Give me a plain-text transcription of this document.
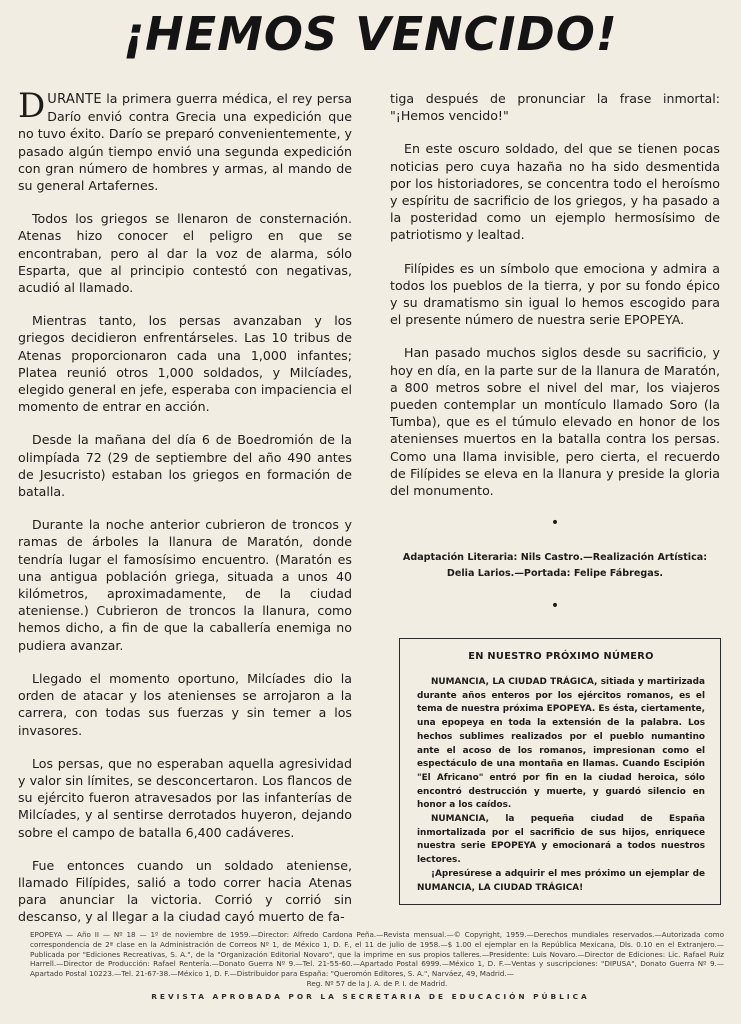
¡HEMOS VENCIDO!

DURANTE la primera guerra médica, el rey persa Darío envió contra Grecia una expedición que no tuvo éxito. Darío se preparó convenientemente, y pasado algún tiempo envió una segunda expedición con gran número de hombres y armas, al mando de su general Artafernes.

Todos los griegos se llenaron de consternación. Atenas hizo conocer el peligro en que se encontraban, pero al dar la voz de alarma, sólo Esparta, que al principio contestó con negativas, acudió al llamado.

Mientras tanto, los persas avanzaban y los griegos decidieron enfrentárseles. Las 10 tribus de Atenas proporcionaron cada una 1,000 infantes; Platea reunió otros 1,000 soldados, y Milcíades, elegido general en jefe, esperaba con impaciencia el momento de entrar en acción.

Desde la mañana del día 6 de Boedromión de la olimpíada 72 (29 de septiembre del año 490 antes de Jesucristo) estaban los griegos en formación de batalla.

Durante la noche anterior cubrieron de troncos y ramas de árboles la llanura de Maratón, donde tendría lugar el famosísimo encuentro. (Maratón es una antigua población griega, situada a unos 40 kilómetros, aproximadamente, de la ciudad ateniense.) Cubrieron de troncos la llanura, como hemos dicho, a fin de que la caballería enemiga no pudiera avanzar.

Llegado el momento oportuno, Milcíades dio la orden de atacar y los atenienses se arrojaron a la carrera, con todas sus fuerzas y sin temer a los invasores.

Los persas, que no esperaban aquella agresividad y valor sin límites, se desconcertaron. Los flancos de su ejército fueron atravesados por las infanterías de Milcíades, y al sentirse derrotados huyeron, dejando sobre el campo de batalla 6,400 cadáveres.

Fue entonces cuando un soldado ateniense, llamado Filípides, salió a todo correr hacia Atenas para anunciar la victoria. Corrió y corrió sin descanso, y al llegar a la ciudad cayó muerto de fa-

tiga después de pronunciar la frase inmortal: "¡Hemos vencido!"

En este oscuro soldado, del que se tienen pocas noticias pero cuya hazaña no ha sido desmentida por los historiadores, se concentra todo el heroísmo y espíritu de sacrificio de los griegos, y ha pasado a la posteridad como un ejemplo hermosísimo de patriotismo y lealtad.

Filípides es un símbolo que emociona y admira a todos los pueblos de la tierra, y por su fondo épico y su dramatismo sin igual lo hemos escogido para el presente número de nuestra serie EPOPEYA.

Han pasado muchos siglos desde su sacrificio, y hoy en día, en la parte sur de la llanura de Maratón, a 800 metros sobre el nivel del mar, los viajeros pueden contemplar un montículo llamado Soro (la Tumba), que es el túmulo elevado en honor de los atenienses muertos en la batalla contra los persas. Como una llama invisible, pero cierta, el recuerdo de Filípides se eleva en la llanura y preside la gloria del monumento.

•
Adaptación Literaria: Nils Castro.—Realización Artística:
Delia Larios.—Portada: Felipe Fábregas.
•
EN NUESTRO PRÓXIMO NÚMERO

NUMANCIA, LA CIUDAD TRÁGICA, sitiada y martirizada durante años enteros por los ejércitos romanos, es el tema de nuestra próxima EPOPEYA. Es ésta, ciertamente, una epopeya en toda la extensión de la palabra. Los hechos sublimes realizados por el pueblo numantino ante el acoso de los romanos, impresionan como el espectáculo de una montaña en llamas. Cuando Escipión "El Africano" entró por fin en la ciudad heroica, sólo encontró destrucción y muerte, y guardó silencio en honor a los caídos.

NUMANCIA, la pequeña ciudad de España inmortalizada por el sacrificio de sus hijos, enriquece nuestra serie EPOPEYA y emocionará a todos nuestros lectores.

¡Apresúrese a adquirir el mes próximo un ejemplar de NUMANCIA, LA CIUDAD TRÁGICA!

EPOPEYA — Año II — Nº 18 — 1º de noviembre de 1959.—Director: Alfredo Cardona Peña.—Revista mensual.—© Copyright, 1959.—Derechos mundiales reservados.—Autorizada como correspondencia de 2ª clase en la Administración de Correos Nº 1, de México 1, D. F., el 11 de julio de 1958.—$ 1.00 el ejemplar en la República Mexicana, Dls. 0.10 en el Extranjero.—Publicada por "Ediciones Recreativas, S. A.", de la "Organización Editorial Novaro", que la imprime en sus propios talleres.—Presidente: Luis Novaro.—Director de Ediciones: Lic. Rafael Ruiz Harrell.—Director de Producción: Rafael Rentería.—Donato Guerra Nº 9.—Tel. 21-55-60.—Apartado Postal 6999.—México 1, D. F.—Ventas y suscripciones: "DIPUSA", Donato Guerra Nº 9.—Apartado Postal 10223.—Tel. 21-67-38.—México 1, D. F.—Distribuidor para España: "Queromón Editores, S. A.", Narváez, 49, Madrid.—
Reg. Nº 57 de la J. A. de P. I. de Madrid.
REVISTA APROBADA POR LA SECRETARIA DE EDUCACIÓN PÚBLICA
